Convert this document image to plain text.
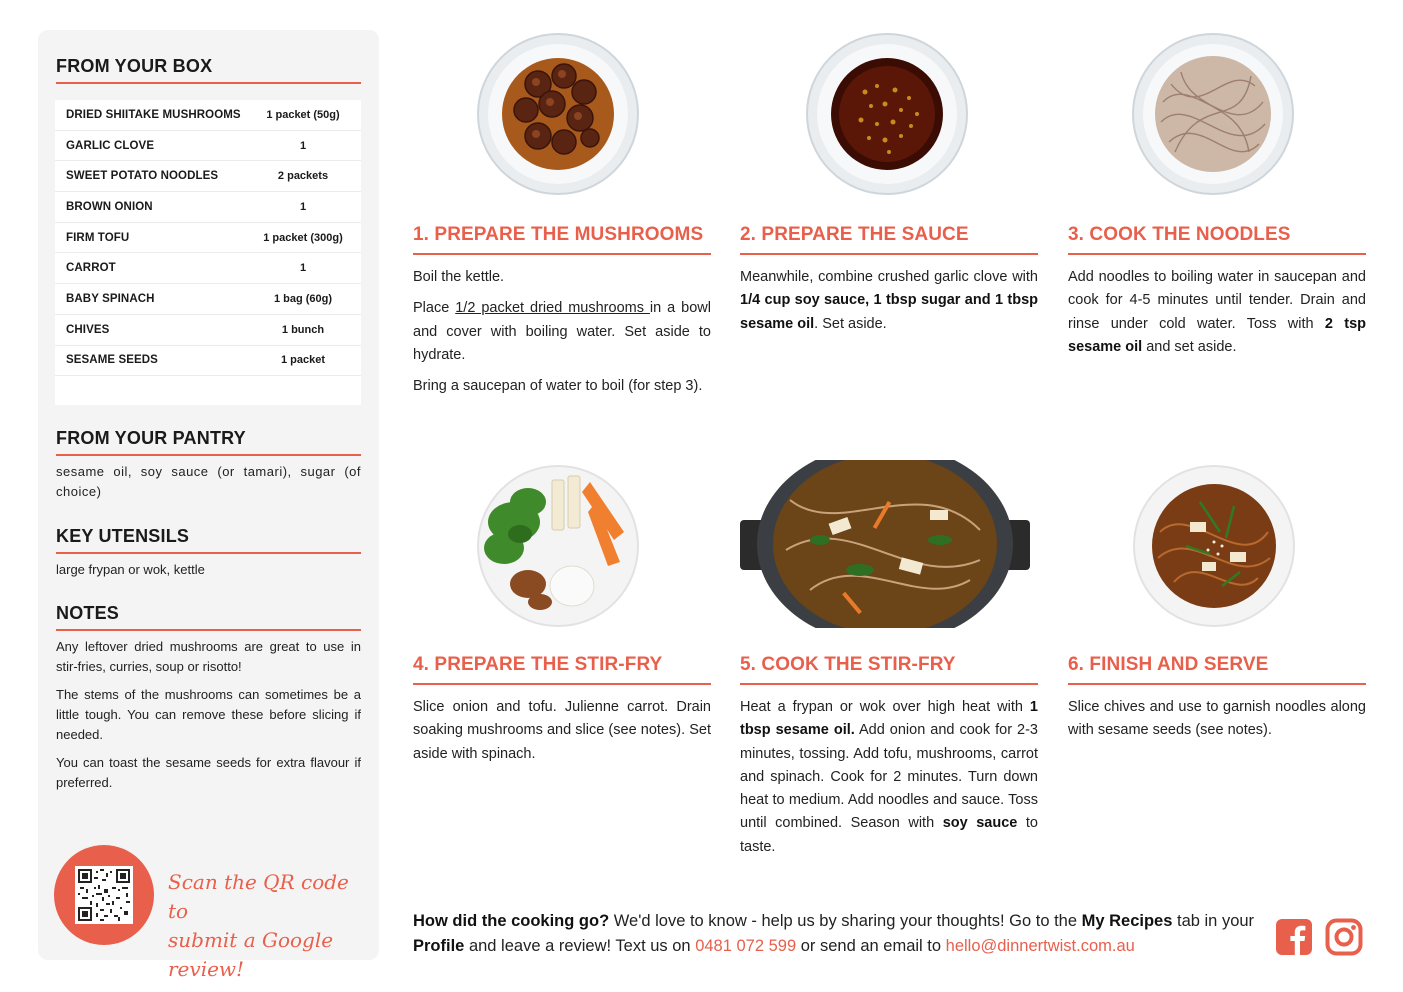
FROM YOUR BOX
DRIED SHIITAKE MUSHROOMS	1 packet (50g)
GARLIC CLOVE	1
SWEET POTATO NOODLES	2 packets
BROWN ONION	1
FIRM TOFU	1 packet (300g)
CARROT	1
BABY SPINACH	1 bag (60g)
CHIVES	1 bunch
SESAME SEEDS	1 packet
FROM YOUR PANTRY
sesame oil, soy sauce (or tamari), sugar (of choice)
KEY UTENSILS
large frypan or wok, kettle
NOTES

Any leftover dried mushrooms are great to use in stir-fries, curries, soup or risotto!

The stems of the mushrooms can sometimes be a little tough. You can remove these before slicing if needed.

You can toast the sesame seeds for extra flavour if preferred.

Scan the QR code to
submit a Google review!
1. PREPARE THE MUSHROOMS

Boil the kettle.

Place 1/2 packet dried mushrooms in a bowl and cover with boiling water. Set aside to hydrate.

Bring a saucepan of water to boil (for step 3).

2. PREPARE THE SAUCE

Meanwhile, combine crushed garlic clove with 1/4 cup soy sauce, 1 tbsp sugar and 1 tbsp sesame oil. Set aside.

3. COOK THE NOODLES

Add noodles to boiling water in saucepan and cook for 4-5 minutes until tender. Drain and rinse under cold water. Toss with 2 tsp sesame oil and set aside.

4. PREPARE THE STIR-FRY

Slice onion and tofu. Julienne carrot. Drain soaking mushrooms and slice (see notes). Set aside with spinach.

5. COOK THE STIR-FRY

Heat a frypan or wok over high heat with 1 tbsp sesame oil. Add onion and cook for 2-3 minutes, tossing. Add tofu, mushrooms, carrot and spinach. Cook for 2 minutes. Turn down heat to medium. Add noodles and sauce. Toss until combined. Season with soy sauce to taste.

6. FINISH AND SERVE

Slice chives and use to garnish noodles along with sesame seeds (see notes).

How did the cooking go? We'd love to know - help us by sharing your thoughts! Go to the My Recipes tab in your Profile and leave a review! Text us on 0481 072 599 or send an email to hello@dinnertwist.com.au
